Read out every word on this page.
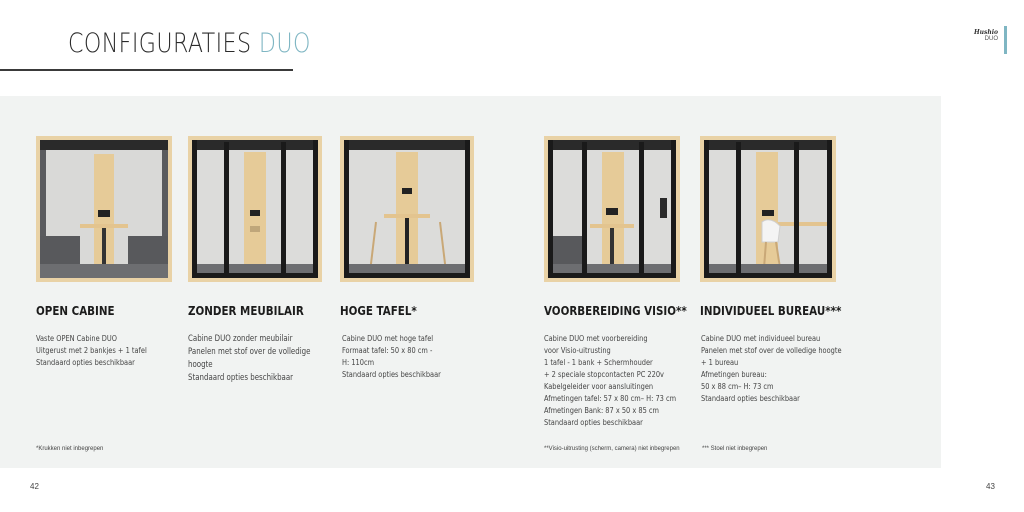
CONFIGURATIES DUO	Hushio
DUO
OPEN CABINE	ZONDER MEUBILAIR	HOGE TAFEL*	VOORBEREIDING VISIO** INDIVIDUEEL BUREAU***
Vaste OPEN Cabine DUO
Uitgerust met 2 bankjes + 1 tafel
Standaard opties beschikbaar
Cabine DUO zonder meubilair
Panelen met stof over de volledige
hoogte
Standaard opties beschikbaar
Cabine DUO met hoge tafel
Formaat tafel: 50 x 80 cm -
H: 110cm
Standaard opties beschikbaar
Cabine DUO met voorbereiding
voor Visio-uitrusting
1 tafel - 1 bank + Schermhouder
+ 2 speciale stopcontacten PC 220v
Kabelgeleider voor aansluitingen
Afmetingen tafel: 57 x 80 cm– H: 73 cm
Afmetingen Bank: 87 x 50 x 85 cm
Standaard opties beschikbaar
Cabine DUO met individueel bureau
Panelen met stof over de volledige hoogte
+ 1 bureau
Afmetingen bureau:
50 x 88 cm– H: 73 cm
Standaard opties beschikbaar
*Krukken niet inbegrepen	**Visio-uitrusting (scherm, camera) niet inbegrepen	*** Stoel niet inbegrepen
42	43
